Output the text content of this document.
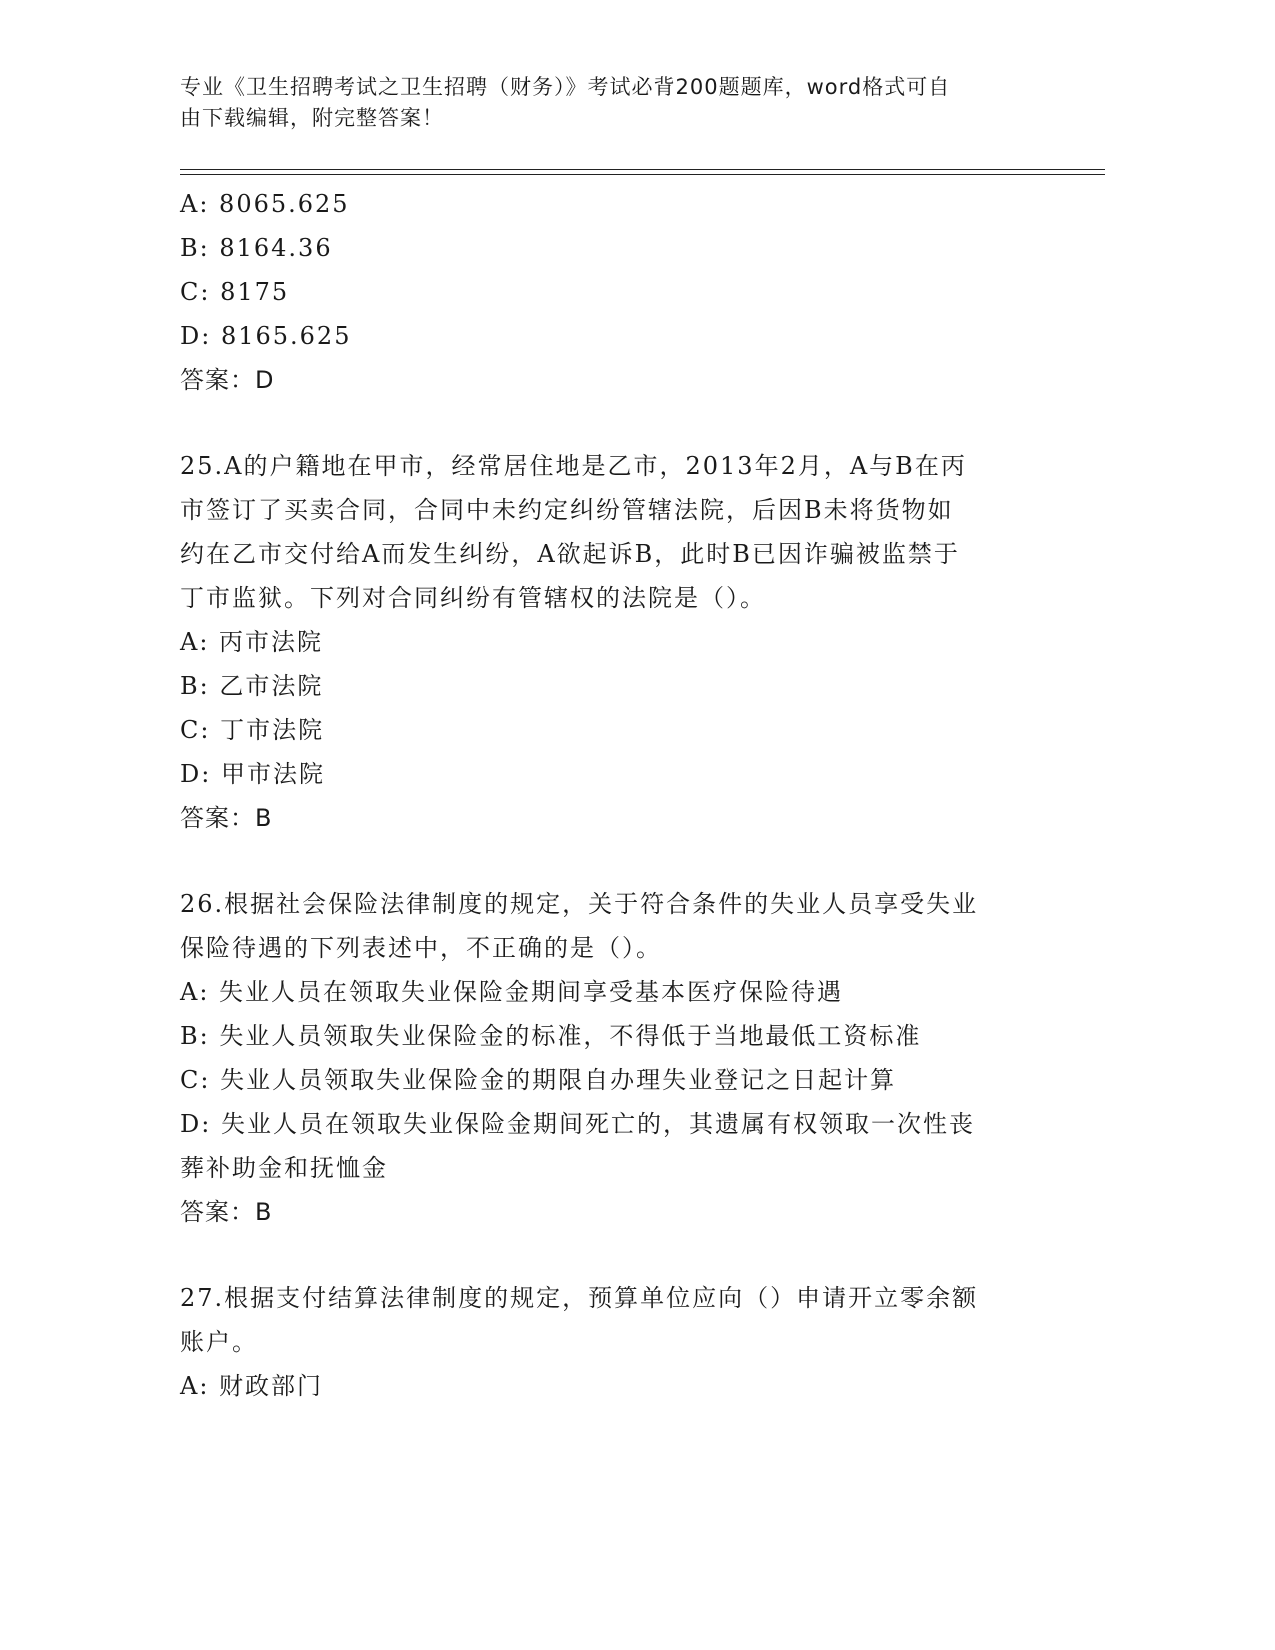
专业《卫生招聘考试之卫生招聘（财务）》考试必背200题题库，word格式可自
由下载编辑，附完整答案！
A: 8065.625
B: 8164.36
C: 8175
D: 8165.625
答案：D
25.A的户籍地在甲市，经常居住地是乙市，2013年2月，A与B在丙
市签订了买卖合同，合同中未约定纠纷管辖法院，后因B未将货物如
约在乙市交付给A而发生纠纷，A欲起诉B，此时B已因诈骗被监禁于
丁市监狱。下列对合同纠纷有管辖权的法院是（）。
A: 丙市法院
B: 乙市法院
C: 丁市法院
D: 甲市法院
答案：B
26.根据社会保险法律制度的规定，关于符合条件的失业人员享受失业
保险待遇的下列表述中，不正确的是（）。
A: 失业人员在领取失业保险金期间享受基本医疗保险待遇
B: 失业人员领取失业保险金的标准，不得低于当地最低工资标准
C: 失业人员领取失业保险金的期限自办理失业登记之日起计算
D: 失业人员在领取失业保险金期间死亡的，其遗属有权领取一次性丧
葬补助金和抚恤金
答案：B
27.根据支付结算法律制度的规定，预算单位应向（）申请开立零余额
账户。
A: 财政部门
